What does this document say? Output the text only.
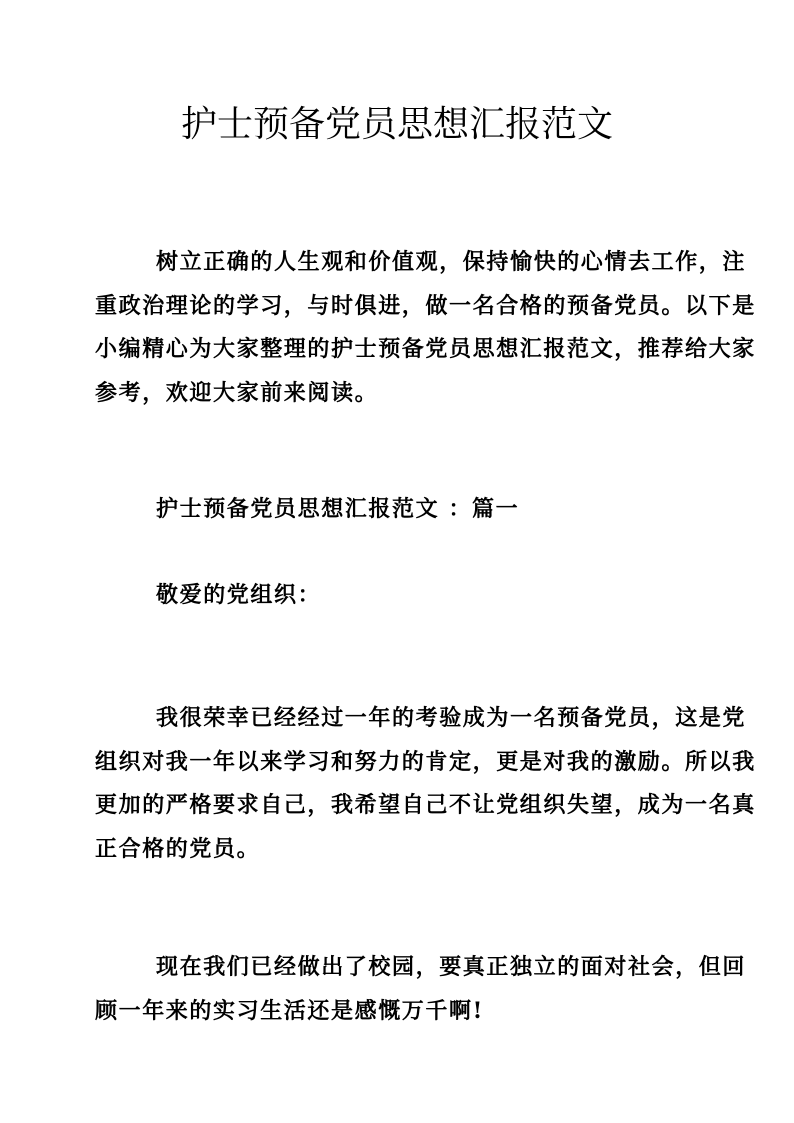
护士预备党员思想汇报范文
树立正确的人生观和价值观，保持愉快的心情去工作，注
重政治理论的学习，与时俱进，做一名合格的预备党员。以下是
小编精心为大家整理的护士预备党员思想汇报范文，推荐给大家
参考，欢迎大家前来阅读。
护士预备党员思想汇报范文 ：篇一
敬爱的党组织：
我很荣幸已经经过一年的考验成为一名预备党员，这是党
组织对我一年以来学习和努力的肯定，更是对我的激励。所以我
更加的严格要求自己，我希望自己不让党组织失望，成为一名真
正合格的党员。
现在我们已经做出了校园，要真正独立的面对社会，但回
顾一年来的实习生活还是感慨万千啊!
